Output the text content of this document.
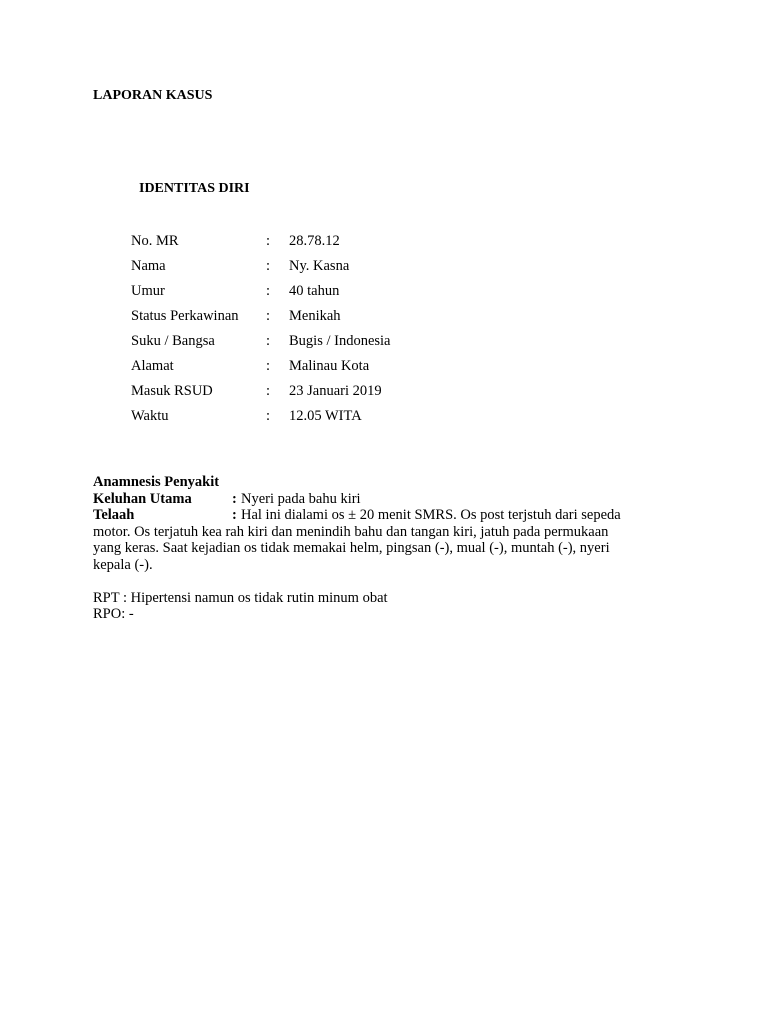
LAPORAN KASUS
IDENTITAS DIRI
No. MR	: 28.78.12
Nama	: Ny. Kasna
Umur	: 40 tahun
Status Perkawinan : Menikah
Suku / Bangsa	: Bugis / Indonesia
Alamat	: Malinau Kota
Masuk RSUD	: 23 Januari 2019
Waktu	: 12.05 WITA
Anamnesis Penyakit
Keluhan Utama	: Nyeri pada bahu kiri
Telaah	: Hal ini dialami os ± 20 menit SMRS. Os post terjstuh dari sepeda
motor. Os terjatuh kea rah kiri dan menindih bahu dan tangan kiri, jatuh pada permukaan
yang keras. Saat kejadian os tidak memakai helm, pingsan (-), mual (-), muntah (-), nyeri
kepala (-).
RPT : Hipertensi namun os tidak rutin minum obat
RPO: -
